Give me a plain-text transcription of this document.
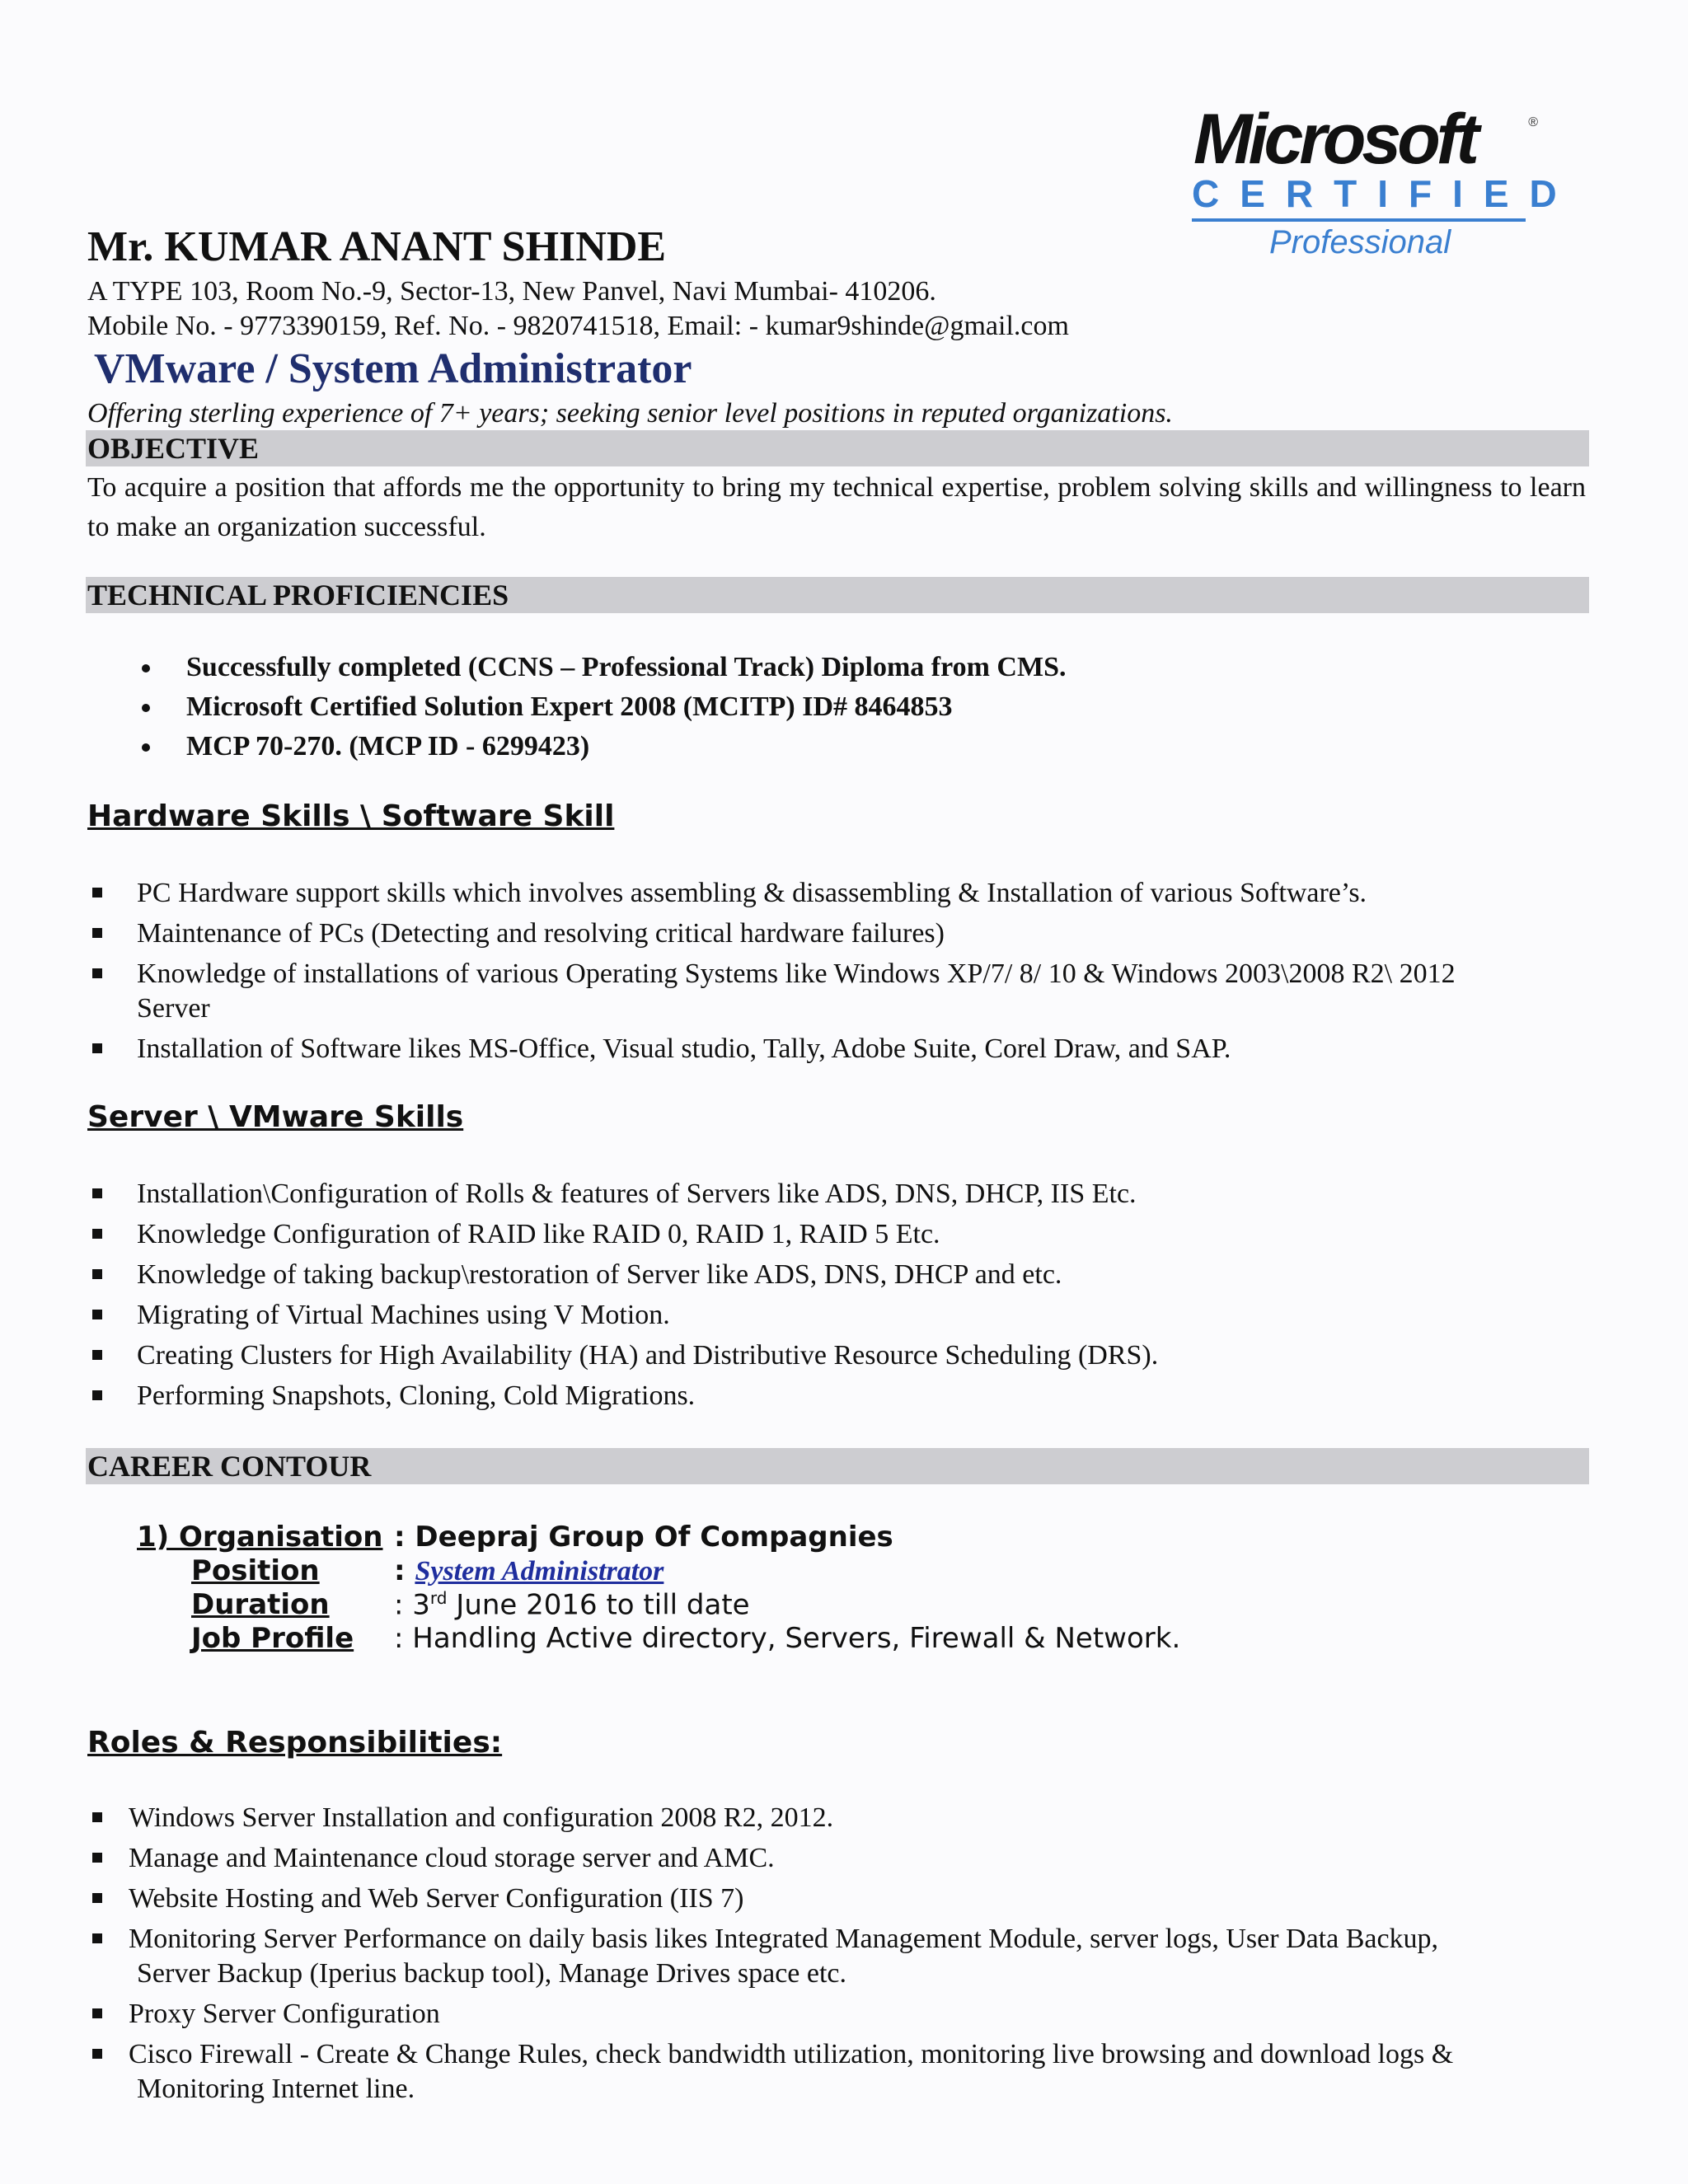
Microsoft	®
CERTIFIED
Professional
Mr. KUMAR ANANT SHINDE
A TYPE 103, Room No.-9, Sector-13, New Panvel, Navi Mumbai- 410206.
Mobile No. - 9773390159, Ref. No. - 9820741518, Email: - kumar9shinde@gmail.com
VMware / System Administrator
Offering sterling experience of 7+ years; seeking senior level positions in reputed organizations.
OBJECTIVE
To acquire a position that affords me the opportunity to bring my technical expertise, problem solving skills and willingness to learn to make an organization successful.
TECHNICAL PROFICIENCIES
Successfully completed (CCNS – Professional Track) Diploma from CMS.
Microsoft Certified Solution Expert 2008 (MCITP) ID# 8464853
MCP 70-270. (MCP ID - 6299423)
Hardware Skills \ Software Skill
PC Hardware support skills which involves assembling & disassembling & Installation of various Software’s.
Maintenance of PCs (Detecting and resolving critical hardware failures)
Knowledge of installations of various Operating Systems like Windows XP/7/ 8/ 10 & Windows 2003\2008 R2\ 2012
Server
Installation of Software likes MS-Office, Visual studio, Tally, Adobe Suite, Corel Draw, and SAP.
Server \ VMware Skills
Installation\Configuration of Rolls & features of Servers like ADS, DNS, DHCP, IIS Etc.
Knowledge Configuration of RAID like RAID 0, RAID 1, RAID 5 Etc.
Knowledge of taking backup\restoration of Server like ADS, DNS, DHCP and etc.
Migrating of Virtual Machines using V Motion.
Creating Clusters for High Availability (HA) and Distributive Resource Scheduling (DRS).
Performing Snapshots, Cloning, Cold Migrations.
CAREER CONTOUR
1) Organisation : Deepraj Group Of Compagnies
Position	: System Administrator
Duration : 3rd June 2016 to till date
Job Profile : Handling Active directory, Servers, Firewall & Network.
Roles & Responsibilities:
Windows Server Installation and configuration 2008 R2, 2012.
Manage and Maintenance cloud storage server and AMC.
Website Hosting and Web Server Configuration (IIS 7)
Monitoring Server Performance on daily basis likes Integrated Management Module, server logs, User Data Backup,
Server Backup (Iperius backup tool), Manage Drives space etc.
Proxy Server Configuration
Cisco Firewall - Create & Change Rules, check bandwidth utilization, monitoring live browsing and download logs &
Monitoring Internet line.
